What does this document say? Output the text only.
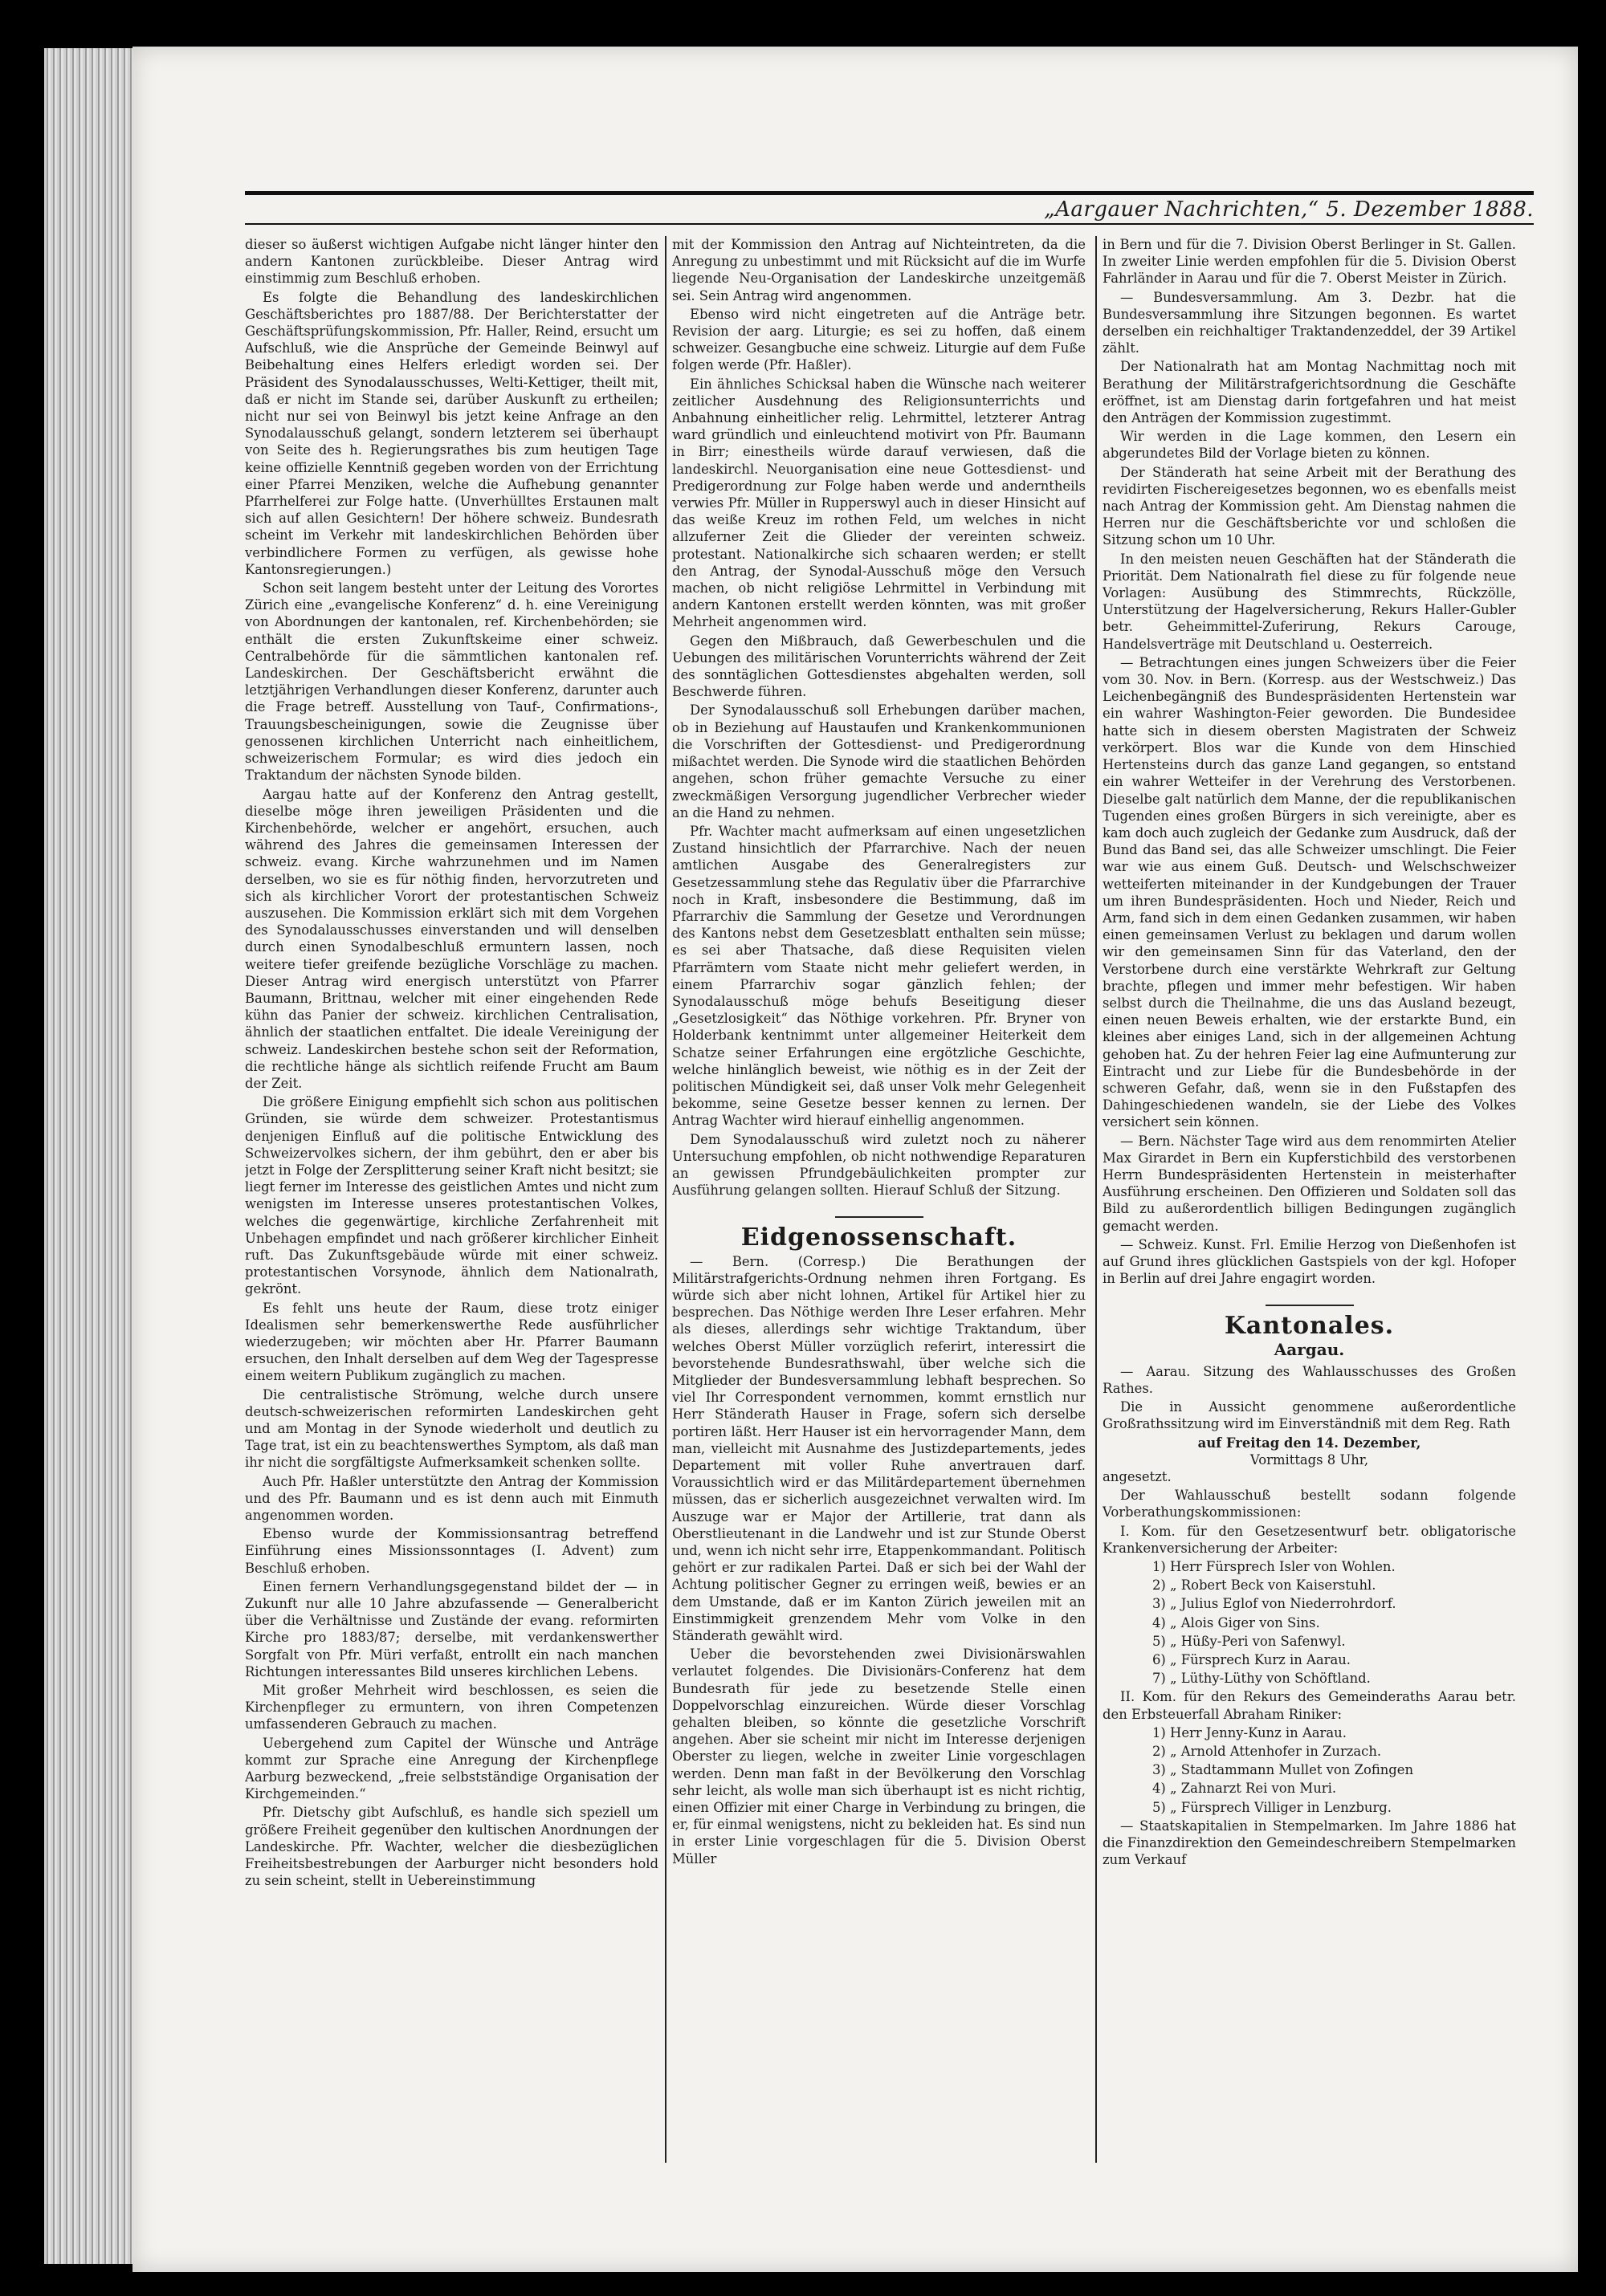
„Aargauer Nachrichten,“ 5. Dezember 1888.

dieser so äußerst wichtigen Aufgabe nicht länger hinter den andern Kantonen zurückbleibe. Dieser Antrag wird einstimmig zum Beschluß erhoben.

Es folgte die Behandlung des landeskirchlichen Geschäftsberichtes pro 1887/88. Der Berichterstatter der Geschäftsprüfungskommission, Pfr. Haller, Reind, ersucht um Aufschluß, wie die Ansprüche der Gemeinde Beinwyl auf Beibehaltung eines Helfers erledigt worden sei. Der Präsident des Synodalausschusses, Welti-Kettiger, theilt mit, daß er nicht im Stande sei, darüber Auskunft zu ertheilen; nicht nur sei von Beinwyl bis jetzt keine Anfrage an den Synodalausschuß gelangt, sondern letzterem sei überhaupt von Seite des h. Regierungsrathes bis zum heutigen Tage keine offizielle Kenntniß gegeben worden von der Errichtung einer Pfarrei Menziken, welche die Aufhebung genannter Pfarrhelferei zur Folge hatte. (Unverhülltes Erstaunen malt sich auf allen Gesichtern! Der höhere schweiz. Bundesrath scheint im Verkehr mit landeskirchlichen Behörden über verbindlichere Formen zu verfügen, als gewisse hohe Kantonsregierungen.)

Schon seit langem besteht unter der Leitung des Vorortes Zürich eine „evangelische Konferenz“ d. h. eine Vereinigung von Abordnungen der kantonalen, ref. Kirchenbehörden; sie enthält die ersten Zukunftskeime einer schweiz. Centralbehörde für die sämmtlichen kantonalen ref. Landeskirchen. Der Geschäftsbericht erwähnt die letztjährigen Verhandlungen dieser Konferenz, darunter auch die Frage betreff. Ausstellung von Tauf-, Confirmations-, Trauungsbescheinigungen, sowie die Zeugnisse über genossenen kirchlichen Unterricht nach einheitlichem, schweizerischem Formular; es wird dies jedoch ein Traktandum der nächsten Synode bilden.

Aargau hatte auf der Konferenz den Antrag gestellt, dieselbe möge ihren jeweiligen Präsidenten und die Kirchenbehörde, welcher er angehört, ersuchen, auch während des Jahres die gemeinsamen Interessen der schweiz. evang. Kirche wahrzunehmen und im Namen derselben, wo sie es für nöthig finden, hervorzutreten und sich als kirchlicher Vorort der protestantischen Schweiz auszusehen. Die Kommission erklärt sich mit dem Vorgehen des Synodalausschusses einverstanden und will denselben durch einen Synodalbeschluß ermuntern lassen, noch weitere tiefer greifende bezügliche Vorschläge zu machen. Dieser Antrag wird energisch unterstützt von Pfarrer Baumann, Brittnau, welcher mit einer eingehenden Rede kühn das Panier der schweiz. kirchlichen Centralisation, ähnlich der staatlichen entfaltet. Die ideale Vereinigung der schweiz. Landeskirchen bestehe schon seit der Reformation, die rechtliche hänge als sichtlich reifende Frucht am Baum der Zeit.

Die größere Einigung empfiehlt sich schon aus politischen Gründen, sie würde dem schweizer. Protestantismus denjenigen Einfluß auf die politische Entwicklung des Schweizervolkes sichern, der ihm gebührt, den er aber bis jetzt in Folge der Zersplitterung seiner Kraft nicht besitzt; sie liegt ferner im Interesse des geistlichen Amtes und nicht zum wenigsten im Interesse unseres protestantischen Volkes, welches die gegenwärtige, kirchliche Zerfahrenheit mit Unbehagen empfindet und nach größerer kirchlicher Einheit ruft. Das Zukunftsgebäude würde mit einer schweiz. protestantischen Vorsynode, ähnlich dem Nationalrath, gekrönt.

Es fehlt uns heute der Raum, diese trotz einiger Idealismen sehr bemerkenswerthe Rede ausführlicher wiederzugeben; wir möchten aber Hr. Pfarrer Baumann ersuchen, den Inhalt derselben auf dem Weg der Tagespresse einem weitern Publikum zugänglich zu machen.

Die centralistische Strömung, welche durch unsere deutsch-schweizerischen reformirten Landeskirchen geht und am Montag in der Synode wiederholt und deutlich zu Tage trat, ist ein zu beachtenswerthes Symptom, als daß man ihr nicht die sorgfältigste Aufmerksamkeit schenken sollte.

Auch Pfr. Haßler unterstützte den Antrag der Kommission und des Pfr. Baumann und es ist denn auch mit Einmuth angenommen worden.

Ebenso wurde der Kommissionsantrag betreffend Einführung eines Missionssonntages (I. Advent) zum Beschluß erhoben.

Einen fernern Verhandlungsgegenstand bildet der — in Zukunft nur alle 10 Jahre abzufassende — Generalbericht über die Verhältnisse und Zustände der evang. reformirten Kirche pro 1883/87; derselbe, mit verdankenswerther Sorgfalt von Pfr. Müri verfaßt, entrollt ein nach manchen Richtungen interessantes Bild unseres kirchlichen Lebens.

Mit großer Mehrheit wird beschlossen, es seien die Kirchenpfleger zu ermuntern, von ihren Competenzen umfassenderen Gebrauch zu machen.

Uebergehend zum Capitel der Wünsche und Anträge kommt zur Sprache eine Anregung der Kirchenpflege Aarburg bezweckend, „freie selbstständige Organisation der Kirchgemeinden.“

Pfr. Dietschy gibt Aufschluß, es handle sich speziell um größere Freiheit gegenüber den kultischen Anordnungen der Landeskirche. Pfr. Wachter, welcher die diesbezüglichen Freiheitsbestrebungen der Aarburger nicht besonders hold zu sein scheint, stellt in Uebereinstimmung

mit der Kommission den Antrag auf Nichteintreten, da die Anregung zu unbestimmt und mit Rücksicht auf die im Wurfe liegende Neu-Organisation der Landeskirche unzeitgemäß sei. Sein Antrag wird angenommen.

Ebenso wird nicht eingetreten auf die Anträge betr. Revision der aarg. Liturgie; es sei zu hoffen, daß einem schweizer. Gesangbuche eine schweiz. Liturgie auf dem Fuße folgen werde (Pfr. Haßler).

Ein ähnliches Schicksal haben die Wünsche nach weiterer zeitlicher Ausdehnung des Religionsunterrichts und Anbahnung einheitlicher relig. Lehrmittel, letzterer Antrag ward gründlich und einleuchtend motivirt von Pfr. Baumann in Birr; einestheils würde darauf verwiesen, daß die landeskirchl. Neuorganisation eine neue Gottesdienst- und Predigerordnung zur Folge haben werde und anderntheils verwies Pfr. Müller in Rupperswyl auch in dieser Hinsicht auf das weiße Kreuz im rothen Feld, um welches in nicht allzuferner Zeit die Glieder der vereinten schweiz. protestant. Nationalkirche sich schaaren werden; er stellt den Antrag, der Synodal-Ausschuß möge den Versuch machen, ob nicht religiöse Lehrmittel in Verbindung mit andern Kantonen erstellt werden könnten, was mit großer Mehrheit angenommen wird.

Gegen den Mißbrauch, daß Gewerbeschulen und die Uebungen des militärischen Vorunterrichts während der Zeit des sonntäglichen Gottesdienstes abgehalten werden, soll Beschwerde führen.

Der Synodalausschuß soll Erhebungen darüber machen, ob in Beziehung auf Haustaufen und Krankenkommunionen die Vorschriften der Gottesdienst- und Predigerordnung mißachtet werden. Die Synode wird die staatlichen Behörden angehen, schon früher gemachte Versuche zu einer zweckmäßigen Versorgung jugendlicher Verbrecher wieder an die Hand zu nehmen.

Pfr. Wachter macht aufmerksam auf einen ungesetzlichen Zustand hinsichtlich der Pfarrarchive. Nach der neuen amtlichen Ausgabe des Generalregisters zur Gesetzessammlung stehe das Regulativ über die Pfarrarchive noch in Kraft, insbesondere die Bestimmung, daß im Pfarrarchiv die Sammlung der Gesetze und Verordnungen des Kantons nebst dem Gesetzesblatt enthalten sein müsse; es sei aber Thatsache, daß diese Requisiten vielen Pfarrämtern vom Staate nicht mehr geliefert werden, in einem Pfarrarchiv sogar gänzlich fehlen; der Synodalausschuß möge behufs Beseitigung dieser „Gesetzlosigkeit“ das Nöthige vorkehren. Pfr. Bryner von Holderbank kentnimmt unter allgemeiner Heiterkeit dem Schatze seiner Erfahrungen eine ergötzliche Geschichte, welche hinlänglich beweist, wie nöthig es in der Zeit der politischen Mündigkeit sei, daß unser Volk mehr Gelegenheit bekomme, seine Gesetze besser kennen zu lernen. Der Antrag Wachter wird hierauf einhellig angenommen.

Dem Synodalausschuß wird zuletzt noch zu näherer Untersuchung empfohlen, ob nicht nothwendige Reparaturen an gewissen Pfrundgebäulichkeiten prompter zur Ausführung gelangen sollten. Hierauf Schluß der Sitzung.

Eidgenossenschaft.

— Bern. (Corresp.) Die Berathungen der Militärstrafgerichts-Ordnung nehmen ihren Fortgang. Es würde sich aber nicht lohnen, Artikel für Artikel hier zu besprechen. Das Nöthige werden Ihre Leser erfahren. Mehr als dieses, allerdings sehr wichtige Traktandum, über welches Oberst Müller vorzüglich referirt, interessirt die bevorstehende Bundesrathswahl, über welche sich die Mitglieder der Bundesversammlung lebhaft besprechen. So viel Ihr Correspondent vernommen, kommt ernstlich nur Herr Ständerath Hauser in Frage, sofern sich derselbe portiren läßt. Herr Hauser ist ein hervorragender Mann, dem man, vielleicht mit Ausnahme des Justizdepartements, jedes Departement mit voller Ruhe anvertrauen darf. Voraussichtlich wird er das Militärdepartement übernehmen müssen, das er sicherlich ausgezeichnet verwalten wird. Im Auszuge war er Major der Artillerie, trat dann als Oberstlieutenant in die Landwehr und ist zur Stunde Oberst und, wenn ich nicht sehr irre, Etappenkommandant. Politisch gehört er zur radikalen Partei. Daß er sich bei der Wahl der Achtung politischer Gegner zu erringen weiß, bewies er an dem Umstande, daß er im Kanton Zürich jeweilen mit an Einstimmigkeit grenzendem Mehr vom Volke in den Ständerath gewählt wird.

Ueber die bevorstehenden zwei Divisionärswahlen verlautet folgendes. Die Divisionärs-Conferenz hat dem Bundesrath für jede zu besetzende Stelle einen Doppelvorschlag einzureichen. Würde dieser Vorschlag gehalten bleiben, so könnte die gesetzliche Vorschrift angehen. Aber sie scheint mir nicht im Interesse derjenigen Oberster zu liegen, welche in zweiter Linie vorgeschlagen werden. Denn man faßt in der Bevölkerung den Vorschlag sehr leicht, als wolle man sich überhaupt ist es nicht richtig, einen Offizier mit einer Charge in Verbindung zu bringen, die er, für einmal wenigstens, nicht zu bekleiden hat. Es sind nun in erster Linie vorgeschlagen für die 5. Division Oberst Müller

in Bern und für die 7. Division Oberst Berlinger in St. Gallen. In zweiter Linie werden empfohlen für die 5. Division Oberst Fahrländer in Aarau und für die 7. Oberst Meister in Zürich.

— Bundesversammlung. Am 3. Dezbr. hat die Bundesversammlung ihre Sitzungen begonnen. Es wartet derselben ein reichhaltiger Traktandenzeddel, der 39 Artikel zählt.

Der Nationalrath hat am Montag Nachmittag noch mit Berathung der Militärstrafgerichtsordnung die Geschäfte eröffnet, ist am Dienstag darin fortgefahren und hat meist den Anträgen der Kommission zugestimmt.

Wir werden in die Lage kommen, den Lesern ein abgerundetes Bild der Vorlage bieten zu können.

Der Ständerath hat seine Arbeit mit der Berathung des revidirten Fischereigesetzes begonnen, wo es ebenfalls meist nach Antrag der Kommission geht. Am Dienstag nahmen die Herren nur die Geschäftsberichte vor und schloßen die Sitzung schon um 10 Uhr.

In den meisten neuen Geschäften hat der Ständerath die Priorität. Dem Nationalrath fiel diese zu für folgende neue Vorlagen: Ausübung des Stimmrechts, Rückzölle, Unterstützung der Hagelversicherung, Rekurs Haller-Gubler betr. Geheimmittel-Zuferirung, Rekurs Carouge, Handelsverträge mit Deutschland u. Oesterreich.

— Betrachtungen eines jungen Schweizers über die Feier vom 30. Nov. in Bern. (Korresp. aus der Westschweiz.) Das Leichenbegängniß des Bundespräsidenten Hertenstein war ein wahrer Washington-Feier geworden. Die Bundesidee hatte sich in diesem obersten Magistraten der Schweiz verkörpert. Blos war die Kunde von dem Hinschied Hertensteins durch das ganze Land gegangen, so entstand ein wahrer Wetteifer in der Verehrung des Verstorbenen. Dieselbe galt natürlich dem Manne, der die republikanischen Tugenden eines großen Bürgers in sich vereinigte, aber es kam doch auch zugleich der Gedanke zum Ausdruck, daß der Bund das Band sei, das alle Schweizer umschlingt. Die Feier war wie aus einem Guß. Deutsch- und Welschschweizer wetteiferten miteinander in der Kundgebungen der Trauer um ihren Bundespräsidenten. Hoch und Nieder, Reich und Arm, fand sich in dem einen Gedanken zusammen, wir haben einen gemeinsamen Verlust zu beklagen und darum wollen wir den gemeinsamen Sinn für das Vaterland, den der Verstorbene durch eine verstärkte Wehrkraft zur Geltung brachte, pflegen und immer mehr befestigen. Wir haben selbst durch die Theilnahme, die uns das Ausland bezeugt, einen neuen Beweis erhalten, wie der erstarkte Bund, ein kleines aber einiges Land, sich in der allgemeinen Achtung gehoben hat. Zu der hehren Feier lag eine Aufmunterung zur Eintracht und zur Liebe für die Bundesbehörde in der schweren Gefahr, daß, wenn sie in den Fußstapfen des Dahingeschiedenen wandeln, sie der Liebe des Volkes versichert sein können.

— Bern. Nächster Tage wird aus dem renommirten Atelier Max Girardet in Bern ein Kupferstichbild des verstorbenen Herrn Bundespräsidenten Hertenstein in meisterhafter Ausführung erscheinen. Den Offizieren und Soldaten soll das Bild zu außerordentlich billigen Bedingungen zugänglich gemacht werden.

— Schweiz. Kunst. Frl. Emilie Herzog von Dießenhofen ist auf Grund ihres glücklichen Gastspiels von der kgl. Hofoper in Berlin auf drei Jahre engagirt worden.

Kantonales.
Aargau.

— Aarau. Sitzung des Wahlausschusses des Großen Rathes.

Die in Aussicht genommene außerordentliche Großrathssitzung wird im Einverständniß mit dem Reg. Rath

auf Freitag den 14. Dezember,
Vormittags 8 Uhr,

angesetzt.

Der Wahlausschuß bestellt sodann folgende Vorberathungskommissionen:

I. Kom. für den Gesetzesentwurf betr. obligatorische Krankenversicherung der Arbeiter:

1) Herr Fürsprech Isler von Wohlen.

2) „ Robert Beck von Kaiserstuhl.

3) „ Julius Eglof von Niederrohrdorf.

4) „ Alois Giger von Sins.

5) „ Hüßy-Peri von Safenwyl.

6) „ Fürsprech Kurz in Aarau.

7) „ Lüthy-Lüthy von Schöftland.

II. Kom. für den Rekurs des Gemeinderaths Aarau betr. den Erbsteuerfall Abraham Riniker:

1) Herr Jenny-Kunz in Aarau.

2) „ Arnold Attenhofer in Zurzach.

3) „ Stadtammann Mullet von Zofingen

4) „ Zahnarzt Rei von Muri.

5) „ Fürsprech Villiger in Lenzburg.

— Staatskapitalien in Stempelmarken. Im Jahre 1886 hat die Finanzdirektion den Gemeindeschreibern Stempelmarken zum Verkauf
